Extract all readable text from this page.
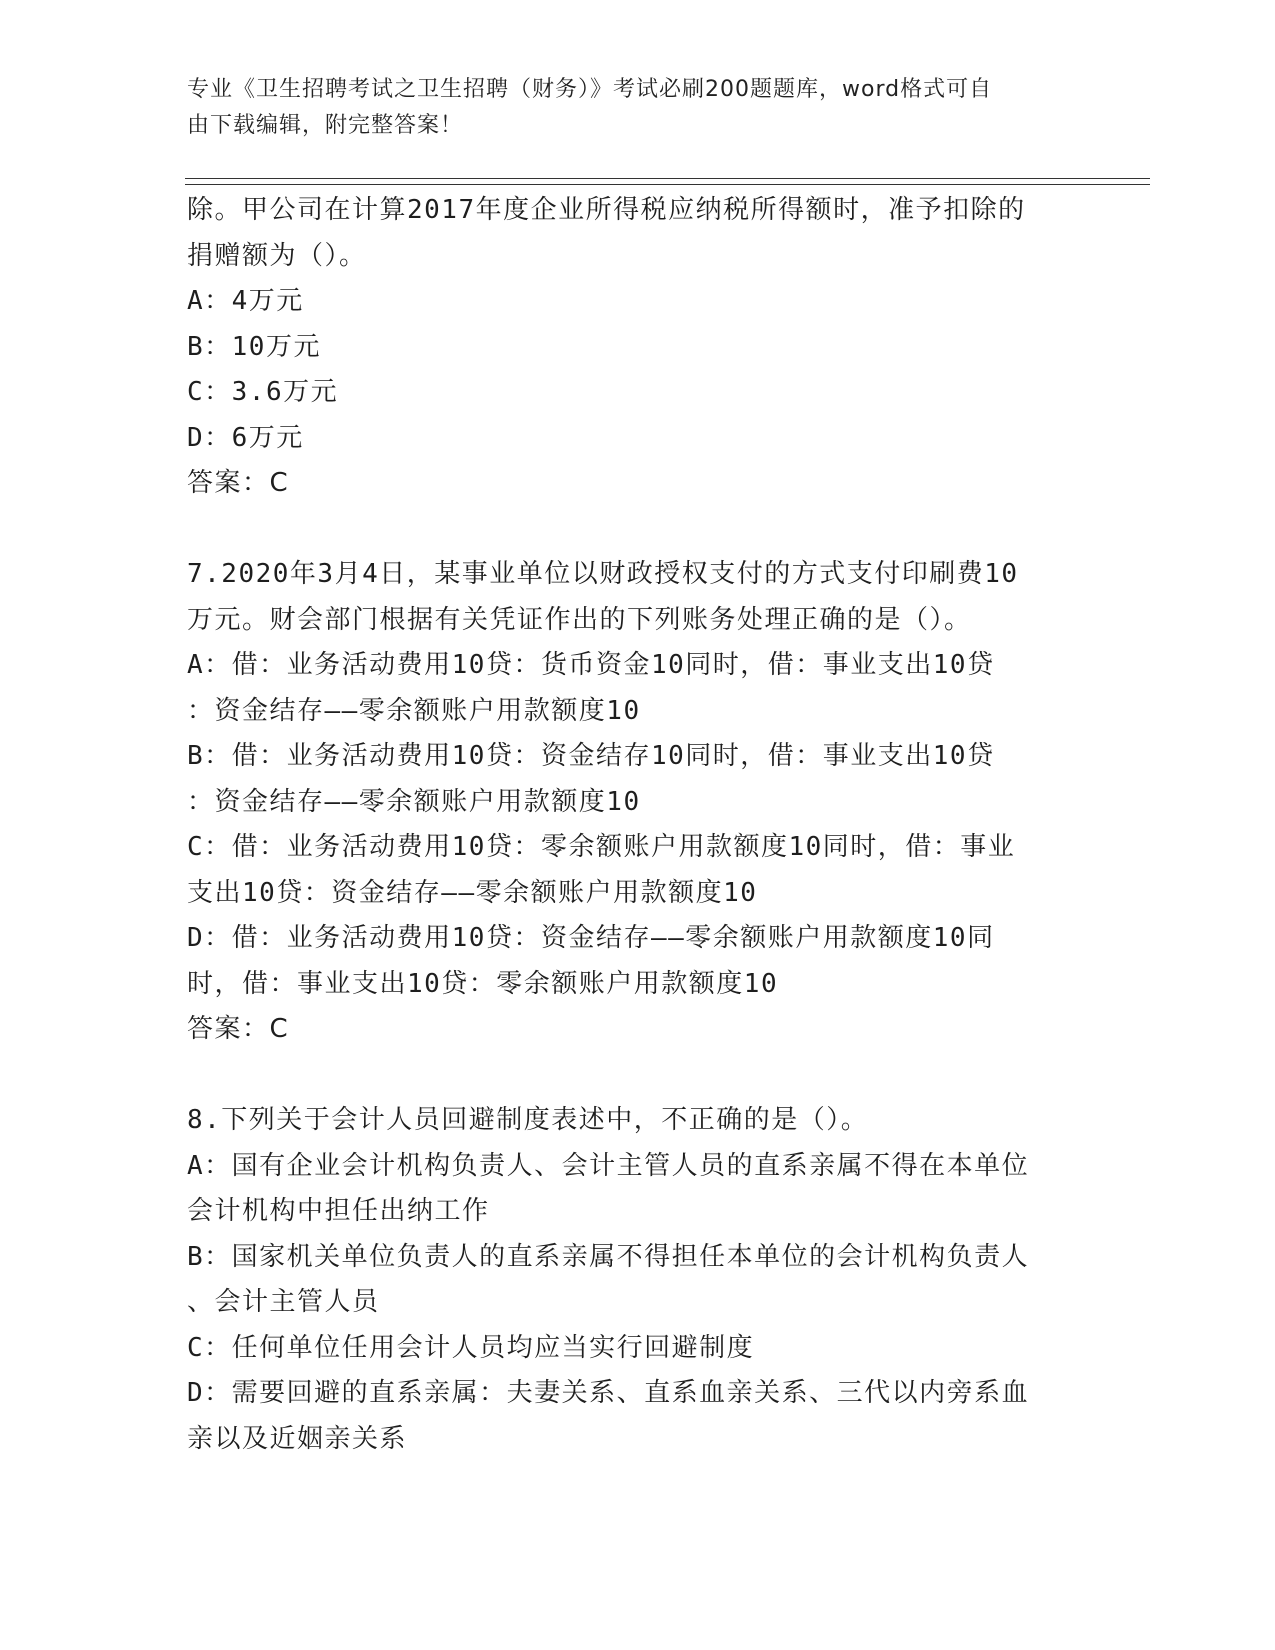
专业《卫生招聘考试之卫生招聘（财务）》考试必刷200题题库，word格式可自
由下载编辑，附完整答案！
除。甲公司在计算2017年度企业所得税应纳税所得额时，准予扣除的
捐赠额为（）。
A：4万元
B：10万元
C：3.6万元
D：6万元
答案：C
7.2020年3月4日，某事业单位以财政授权支付的方式支付印刷费10
万元。财会部门根据有关凭证作出的下列账务处理正确的是（）。
A：借：业务活动费用10贷：货币资金10同时，借：事业支出10贷
：资金结存——零余额账户用款额度10
B：借：业务活动费用10贷：资金结存10同时，借：事业支出10贷
：资金结存——零余额账户用款额度10
C：借：业务活动费用10贷：零余额账户用款额度10同时，借：事业
支出10贷：资金结存——零余额账户用款额度10
D：借：业务活动费用10贷：资金结存——零余额账户用款额度10同
时，借：事业支出10贷：零余额账户用款额度10
答案：C
8.下列关于会计人员回避制度表述中，不正确的是（）。
A：国有企业会计机构负责人、会计主管人员的直系亲属不得在本单位
会计机构中担任出纳工作
B：国家机关单位负责人的直系亲属不得担任本单位的会计机构负责人
、会计主管人员
C：任何单位任用会计人员均应当实行回避制度
D：需要回避的直系亲属：夫妻关系、直系血亲关系、三代以内旁系血
亲以及近姻亲关系
